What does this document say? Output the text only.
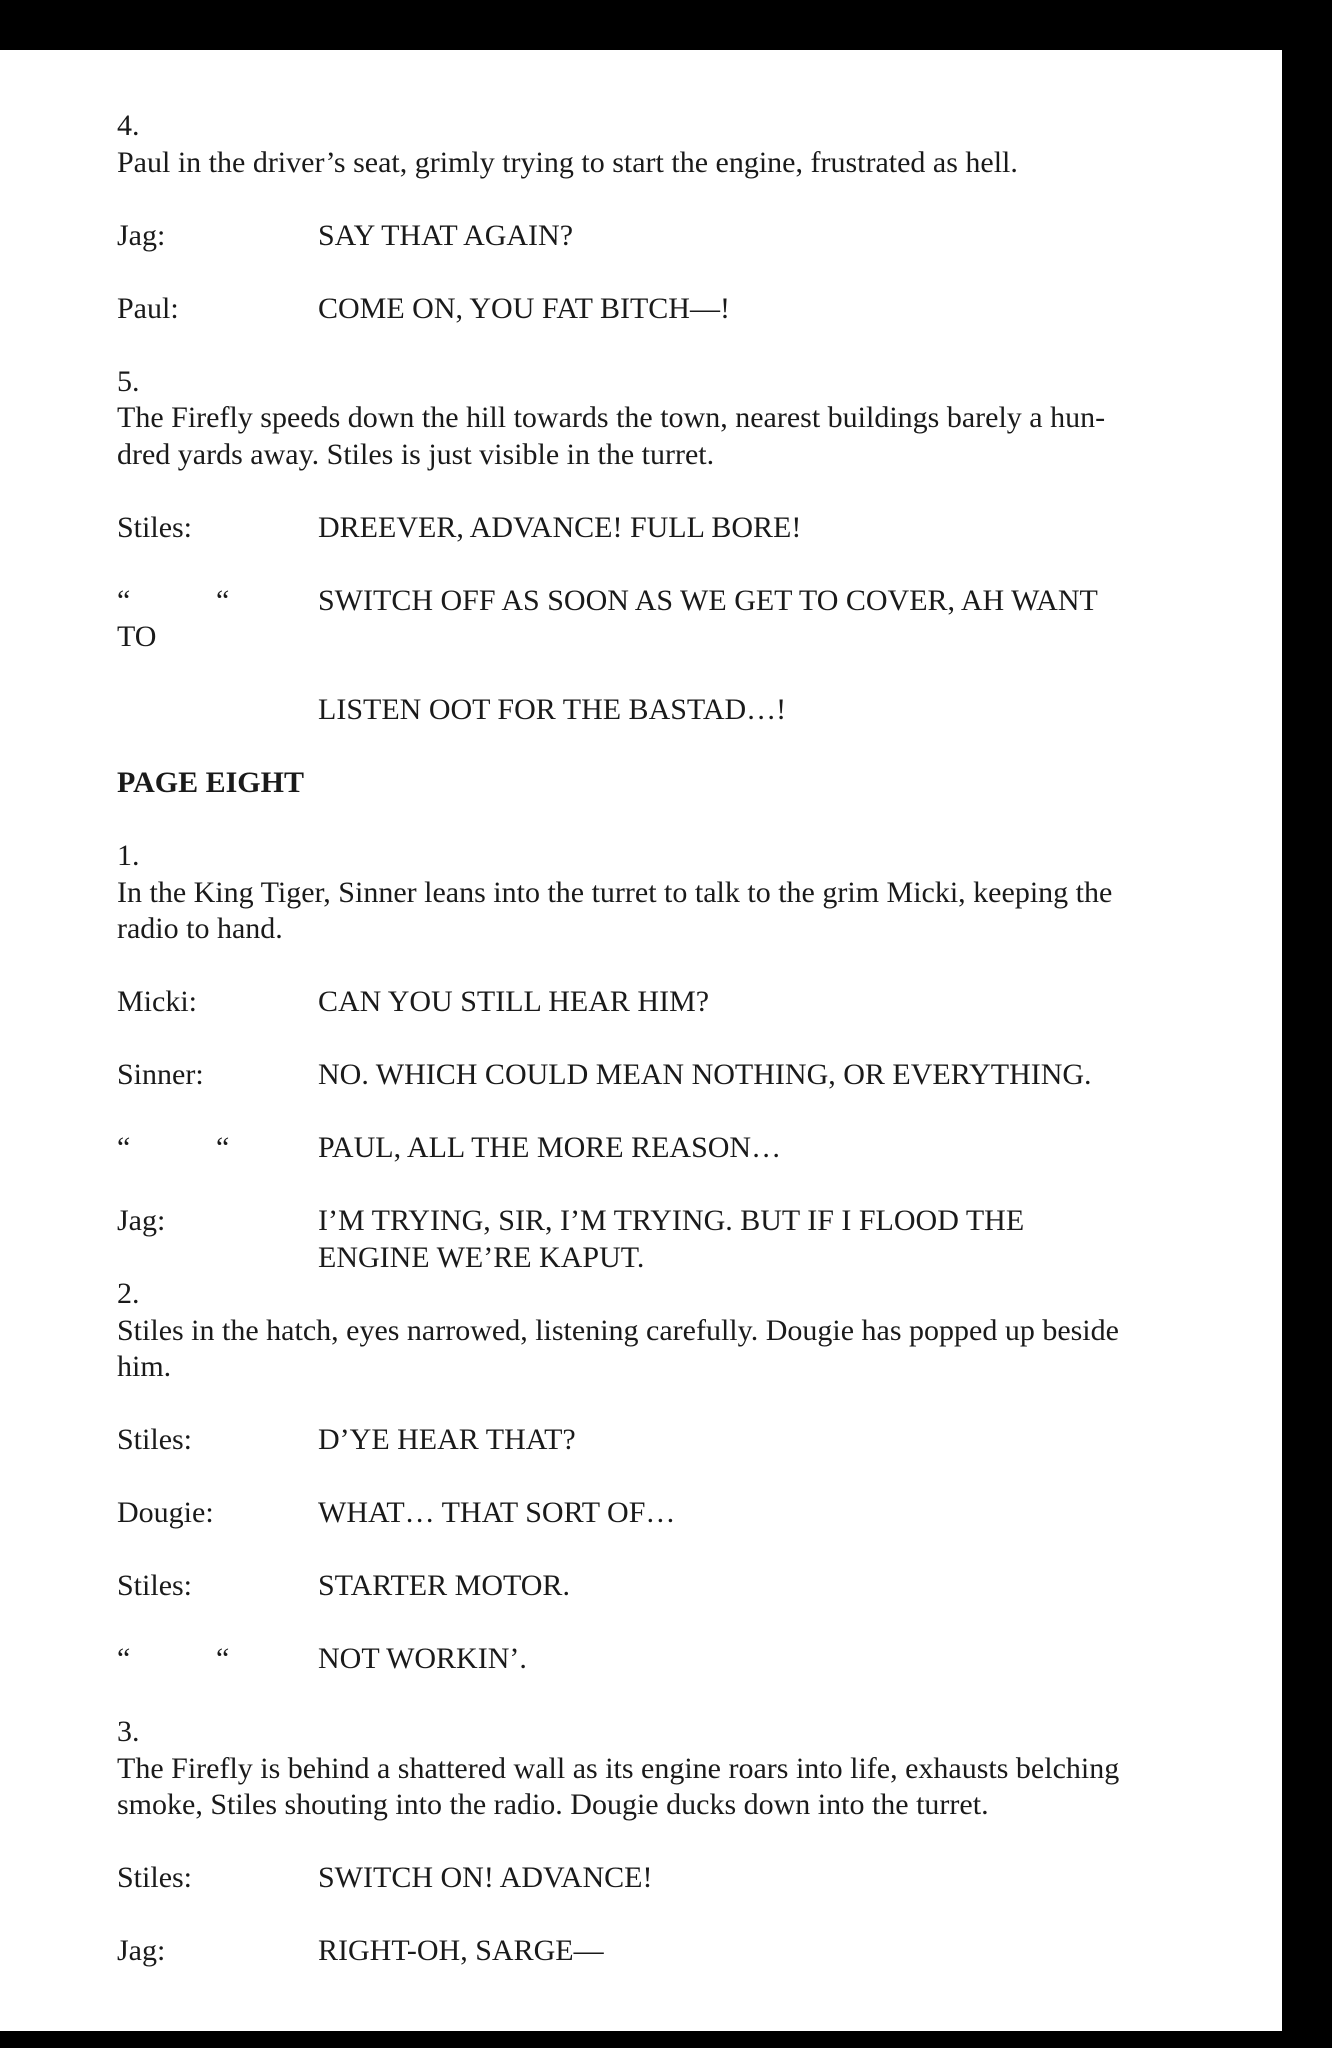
4.
Paul in the driver’s seat, grimly trying to start the engine, frustrated as hell.
Jag:	SAY THAT AGAIN?
Paul:	COME ON, YOU FAT BITCH—!
5.
The Firefly speeds down the hill towards the town, nearest buildings barely a hun-
dred yards away. Stiles is just visible in the turret.
Stiles:	DREEVER, ADVANCE! FULL BORE!
“	“	SWITCH OFF AS SOON AS WE GET TO COVER, AH WANT
TO
LISTEN OOT FOR THE BASTAD…!
PAGE EIGHT
1.
In the King Tiger, Sinner leans into the turret to talk to the grim Micki, keeping the
radio to hand.
Micki:	CAN YOU STILL HEAR HIM?
Sinner:	NO. WHICH COULD MEAN NOTHING, OR EVERYTHING.
“	“	PAUL, ALL THE MORE REASON…
Jag:	I’M TRYING, SIR, I’M TRYING. BUT IF I FLOOD THE
ENGINE WE’RE KAPUT.
2.
Stiles in the hatch, eyes narrowed, listening carefully. Dougie has popped up beside
him.
Stiles:	D’YE HEAR THAT?
Dougie:	WHAT… THAT SORT OF…
Stiles:	STARTER MOTOR.
“	“	NOT WORKIN’.
3.
The Firefly is behind a shattered wall as its engine roars into life, exhausts belching
smoke, Stiles shouting into the radio. Dougie ducks down into the turret.
Stiles:	SWITCH ON! ADVANCE!
Jag:	RIGHT-OH, SARGE—
